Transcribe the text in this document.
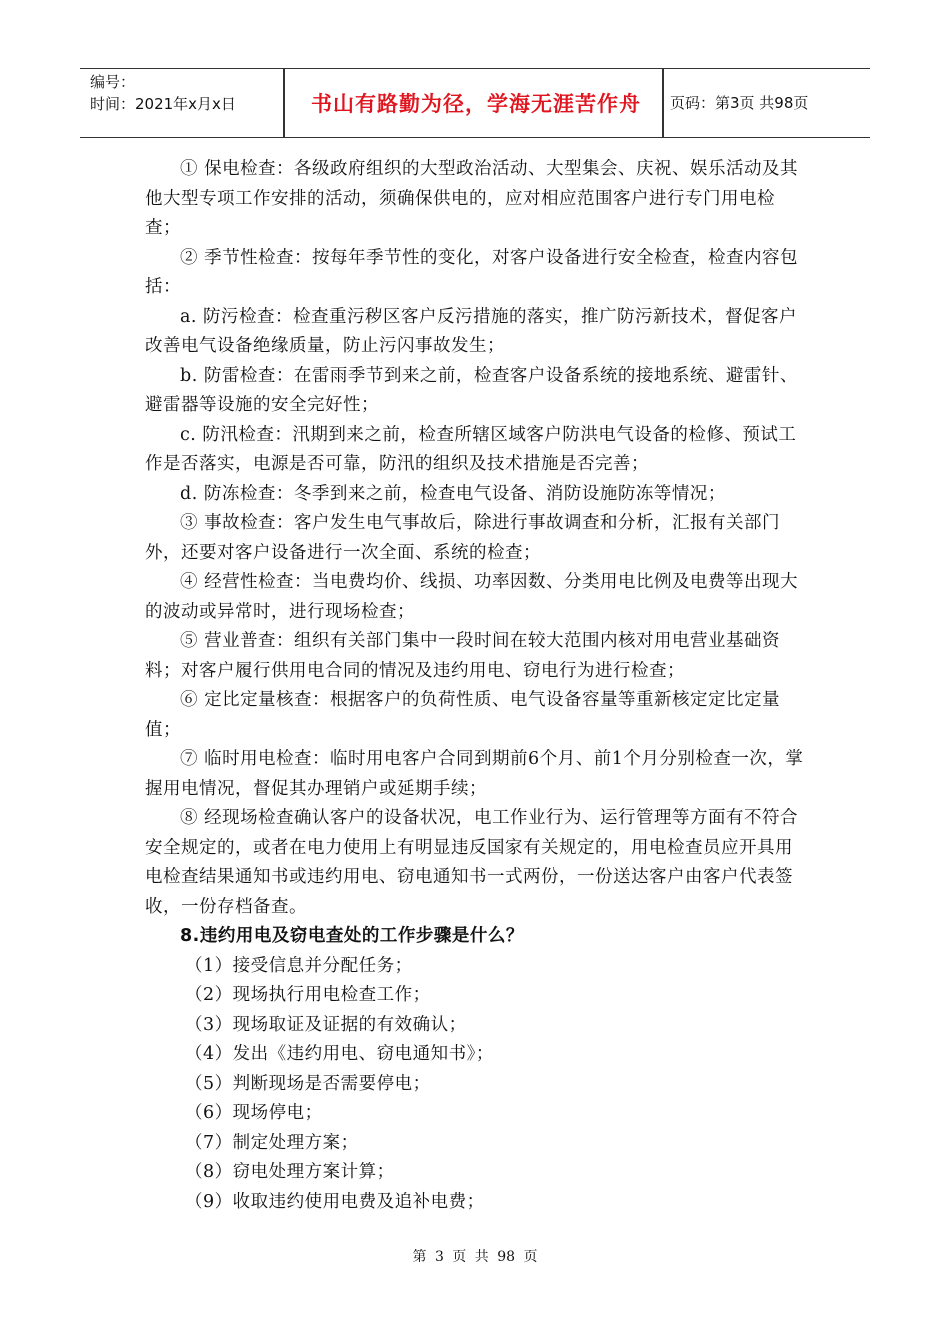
编号：
时间：2021年x月x日	书山有路勤为径，学海无涯苦作舟	页码：第3页 共98页

① 保电检查：各级政府组织的大型政治活动、大型集会、庆祝、娱乐活动及其他大型专项工作安排的活动，须确保供电的，应对相应范围客户进行专门用电检查；

② 季节性检查：按每年季节性的变化，对客户设备进行安全检查，检查内容包括：

a. 防污检查：检查重污秽区客户反污措施的落实，推广防污新技术，督促客户改善电气设备绝缘质量，防止污闪事故发生；

b. 防雷检查：在雷雨季节到来之前，检查客户设备系统的接地系统、避雷针、避雷器等设施的安全完好性；

c. 防汛检查：汛期到来之前，检查所辖区域客户防洪电气设备的检修、预试工作是否落实，电源是否可靠，防汛的组织及技术措施是否完善；

d. 防冻检查：冬季到来之前，检查电气设备、消防设施防冻等情况；

③ 事故检查：客户发生电气事故后，除进行事故调查和分析，汇报有关部门外，还要对客户设备进行一次全面、系统的检查；

④ 经营性检查：当电费均价、线损、功率因数、分类用电比例及电费等出现大的波动或异常时，进行现场检查；

⑤ 营业普查：组织有关部门集中一段时间在较大范围内核对用电营业基础资料；对客户履行供用电合同的情况及违约用电、窃电行为进行检查；

⑥ 定比定量核查：根据客户的负荷性质、电气设备容量等重新核定定比定量值；

⑦ 临时用电检查：临时用电客户合同到期前6个月、前1个月分别检查一次，掌握用电情况，督促其办理销户或延期手续；

⑧ 经现场检查确认客户的设备状况，电工作业行为、运行管理等方面有不符合安全规定的，或者在电力使用上有明显违反国家有关规定的，用电检查员应开具用电检查结果通知书或违约用电、窃电通知书一式两份，一份送达客户由客户代表签收，一份存档备查。

8.违约用电及窃电查处的工作步骤是什么？

（1）接受信息并分配任务；

（2）现场执行用电检查工作；

（3）现场取证及证据的有效确认；

（4）发出《违约用电、窃电通知书》；

（5）判断现场是否需要停电；

（6）现场停电；

（7）制定处理方案；

（8）窃电处理方案计算；

（9）收取违约使用电费及追补电费；

第 3 页 共 98 页
